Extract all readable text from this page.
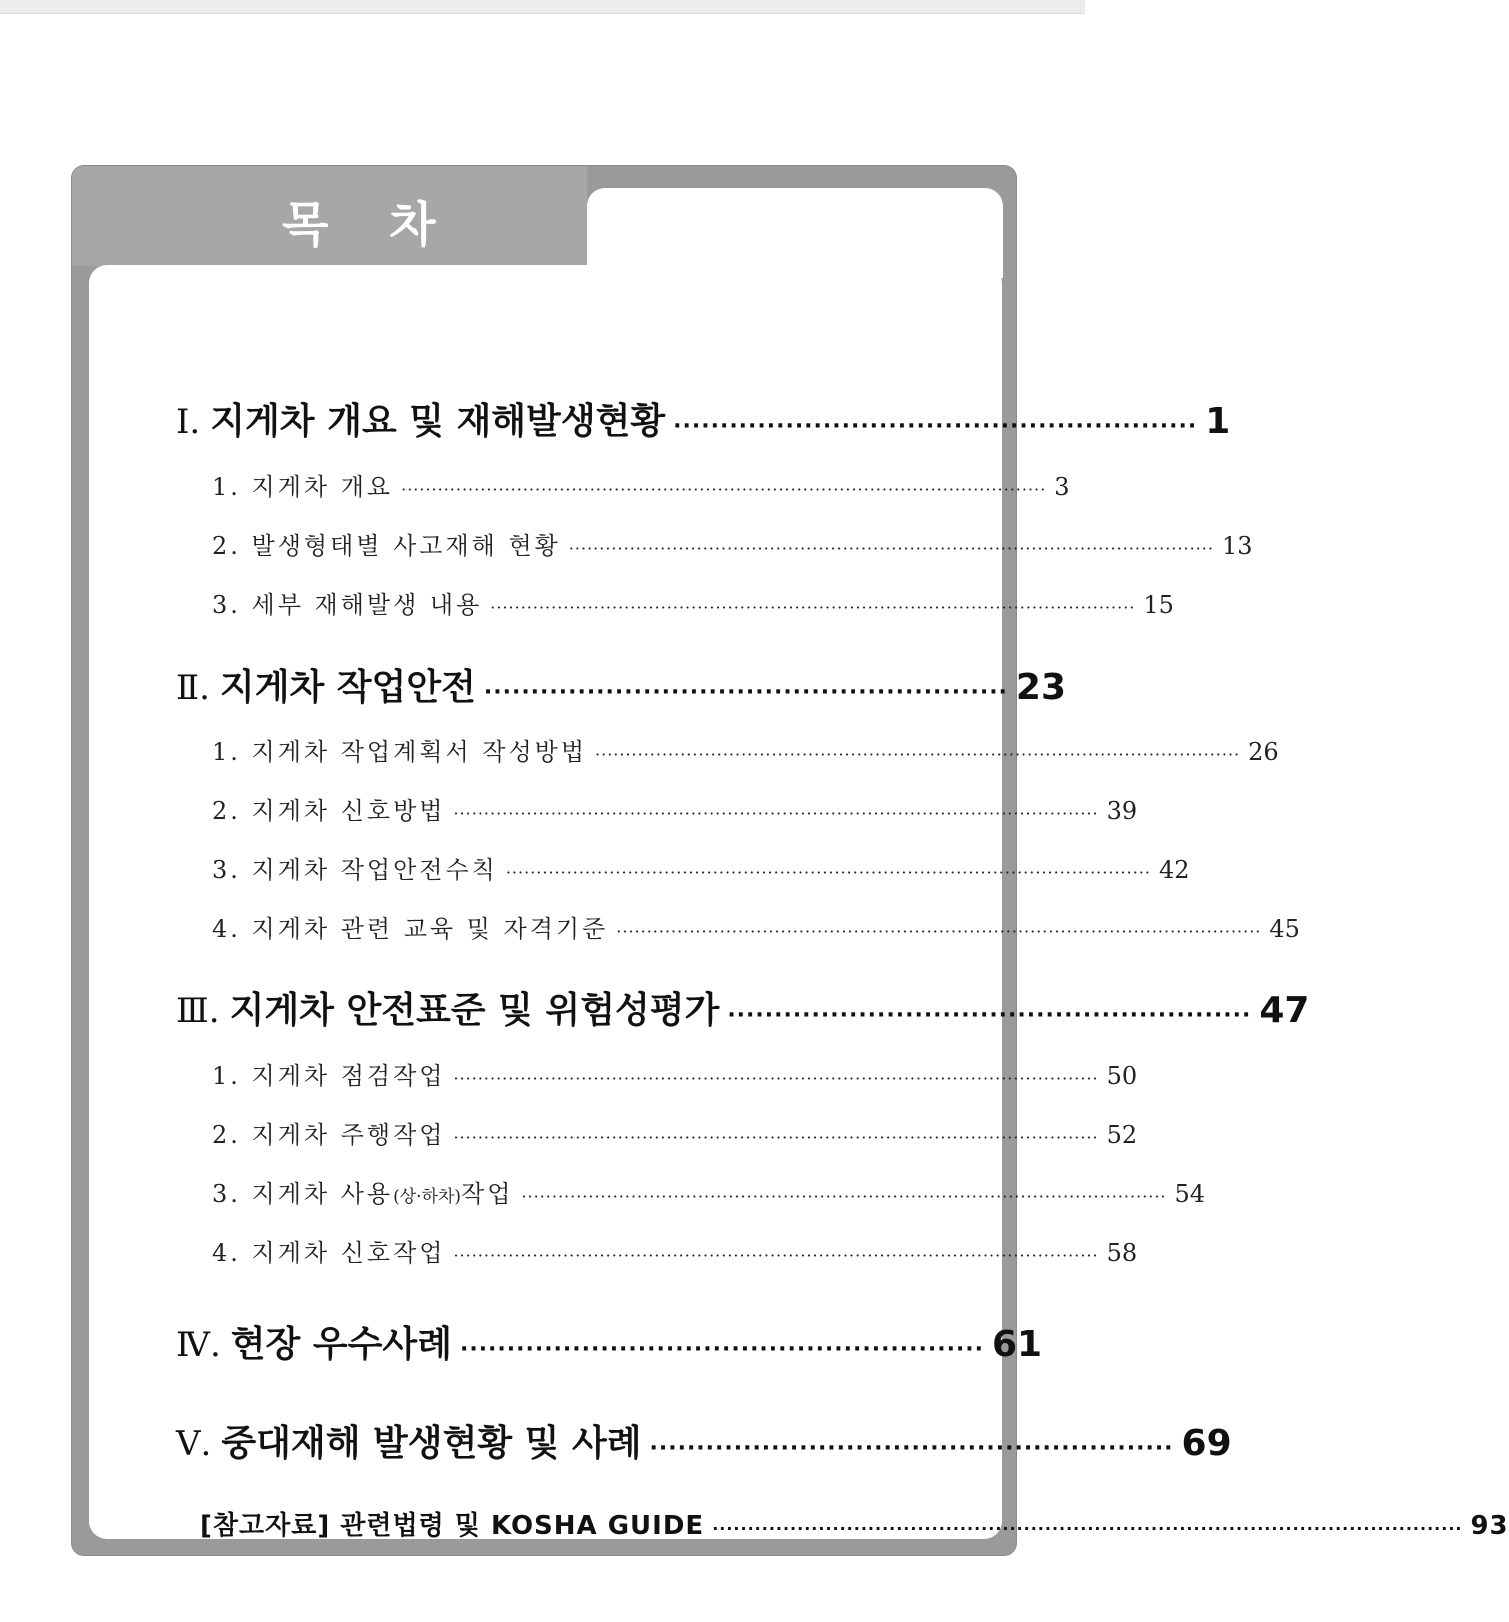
목 차
Ⅰ. 지게차 개요 및 재해발생현황 ························································ 1
1. 지게차 개요 ·········································································································· 3
2. 발생형태별 사고재해 현황 ·········································································································· 13
3. 세부 재해발생 내용 ·········································································································· 15
Ⅱ. 지게차 작업안전 ························································ 23
1. 지게차 작업계획서 작성방법 ·········································································································· 26
2. 지게차 신호방법 ·········································································································· 39
3. 지게차 작업안전수칙 ·········································································································· 42
4. 지게차 관련 교육 및 자격기준 ·········································································································· 45
Ⅲ. 지게차 안전표준 및 위험성평가 ························································ 47
1. 지게차 점검작업 ·········································································································· 50
2. 지게차 주행작업 ·········································································································· 52
3. 지게차 사용(상·하차)작업 ·········································································································· 54
4. 지게차 신호작업 ·········································································································· 58
Ⅳ. 현장 우수사례 ························································ 61
Ⅴ. 중대재해 발생현황 및 사례 ························································ 69
[참고자료] 관련법령 및 KOSHA GUIDE ·········································································································· 93
